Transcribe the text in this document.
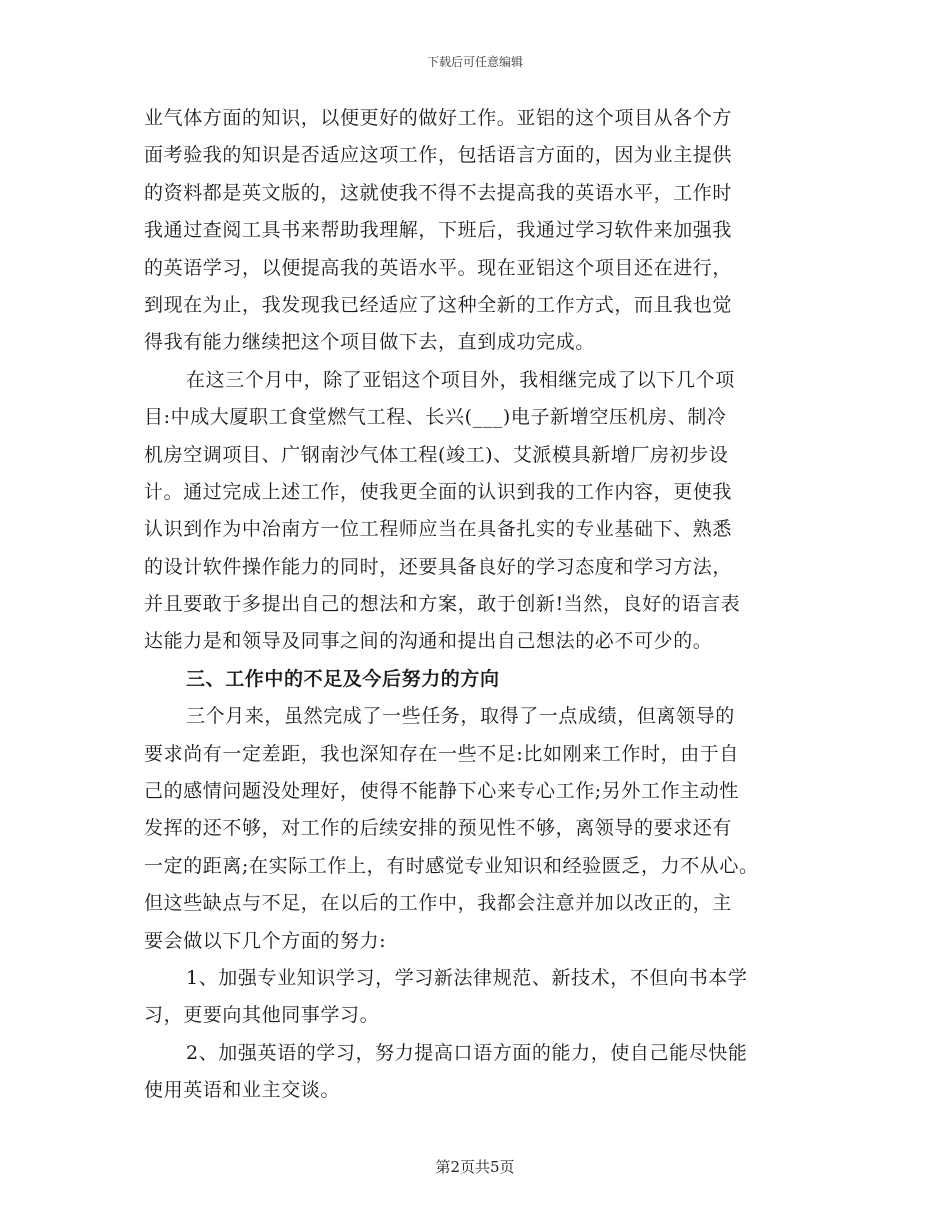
下载后可任意编辑
业气体方面的知识，以便更好的做好工作。亚铝的这个项目从各个方
面考验我的知识是否适应这项工作，包括语言方面的，因为业主提供
的资料都是英文版的，这就使我不得不去提高我的英语水平，工作时
我通过查阅工具书来帮助我理解，下班后，我通过学习软件来加强我
的英语学习，以便提高我的英语水平。现在亚铝这个项目还在进行，
到现在为止，我发现我已经适应了这种全新的工作方式，而且我也觉
得我有能力继续把这个项目做下去，直到成功完成。
在这三个月中，除了亚铝这个项目外，我相继完成了以下几个项
目:中成大厦职工食堂燃气工程、长兴(___)电子新增空压机房、制冷
机房空调项目、广钢南沙气体工程(竣工)、艾派模具新增厂房初步设
计。通过完成上述工作，使我更全面的认识到我的工作内容，更使我
认识到作为中冶南方一位工程师应当在具备扎实的专业基础下、熟悉
的设计软件操作能力的同时，还要具备良好的学习态度和学习方法，
并且要敢于多提出自己的想法和方案，敢于创新!当然，良好的语言表
达能力是和领导及同事之间的沟通和提出自己想法的必不可少的。
三、工作中的不足及今后努力的方向
三个月来，虽然完成了一些任务，取得了一点成绩，但离领导的
要求尚有一定差距，我也深知存在一些不足:比如刚来工作时，由于自
己的感情问题没处理好，使得不能静下心来专心工作;另外工作主动性
发挥的还不够，对工作的后续安排的预见性不够，离领导的要求还有
一定的距离;在实际工作上，有时感觉专业知识和经验匮乏，力不从心。
但这些缺点与不足，在以后的工作中，我都会注意并加以改正的，主
要会做以下几个方面的努力:
1、加强专业知识学习，学习新法律规范、新技术，不但向书本学
习，更要向其他同事学习。
2、加强英语的学习，努力提高口语方面的能力，使自己能尽快能
使用英语和业主交谈。
第2页共5页
